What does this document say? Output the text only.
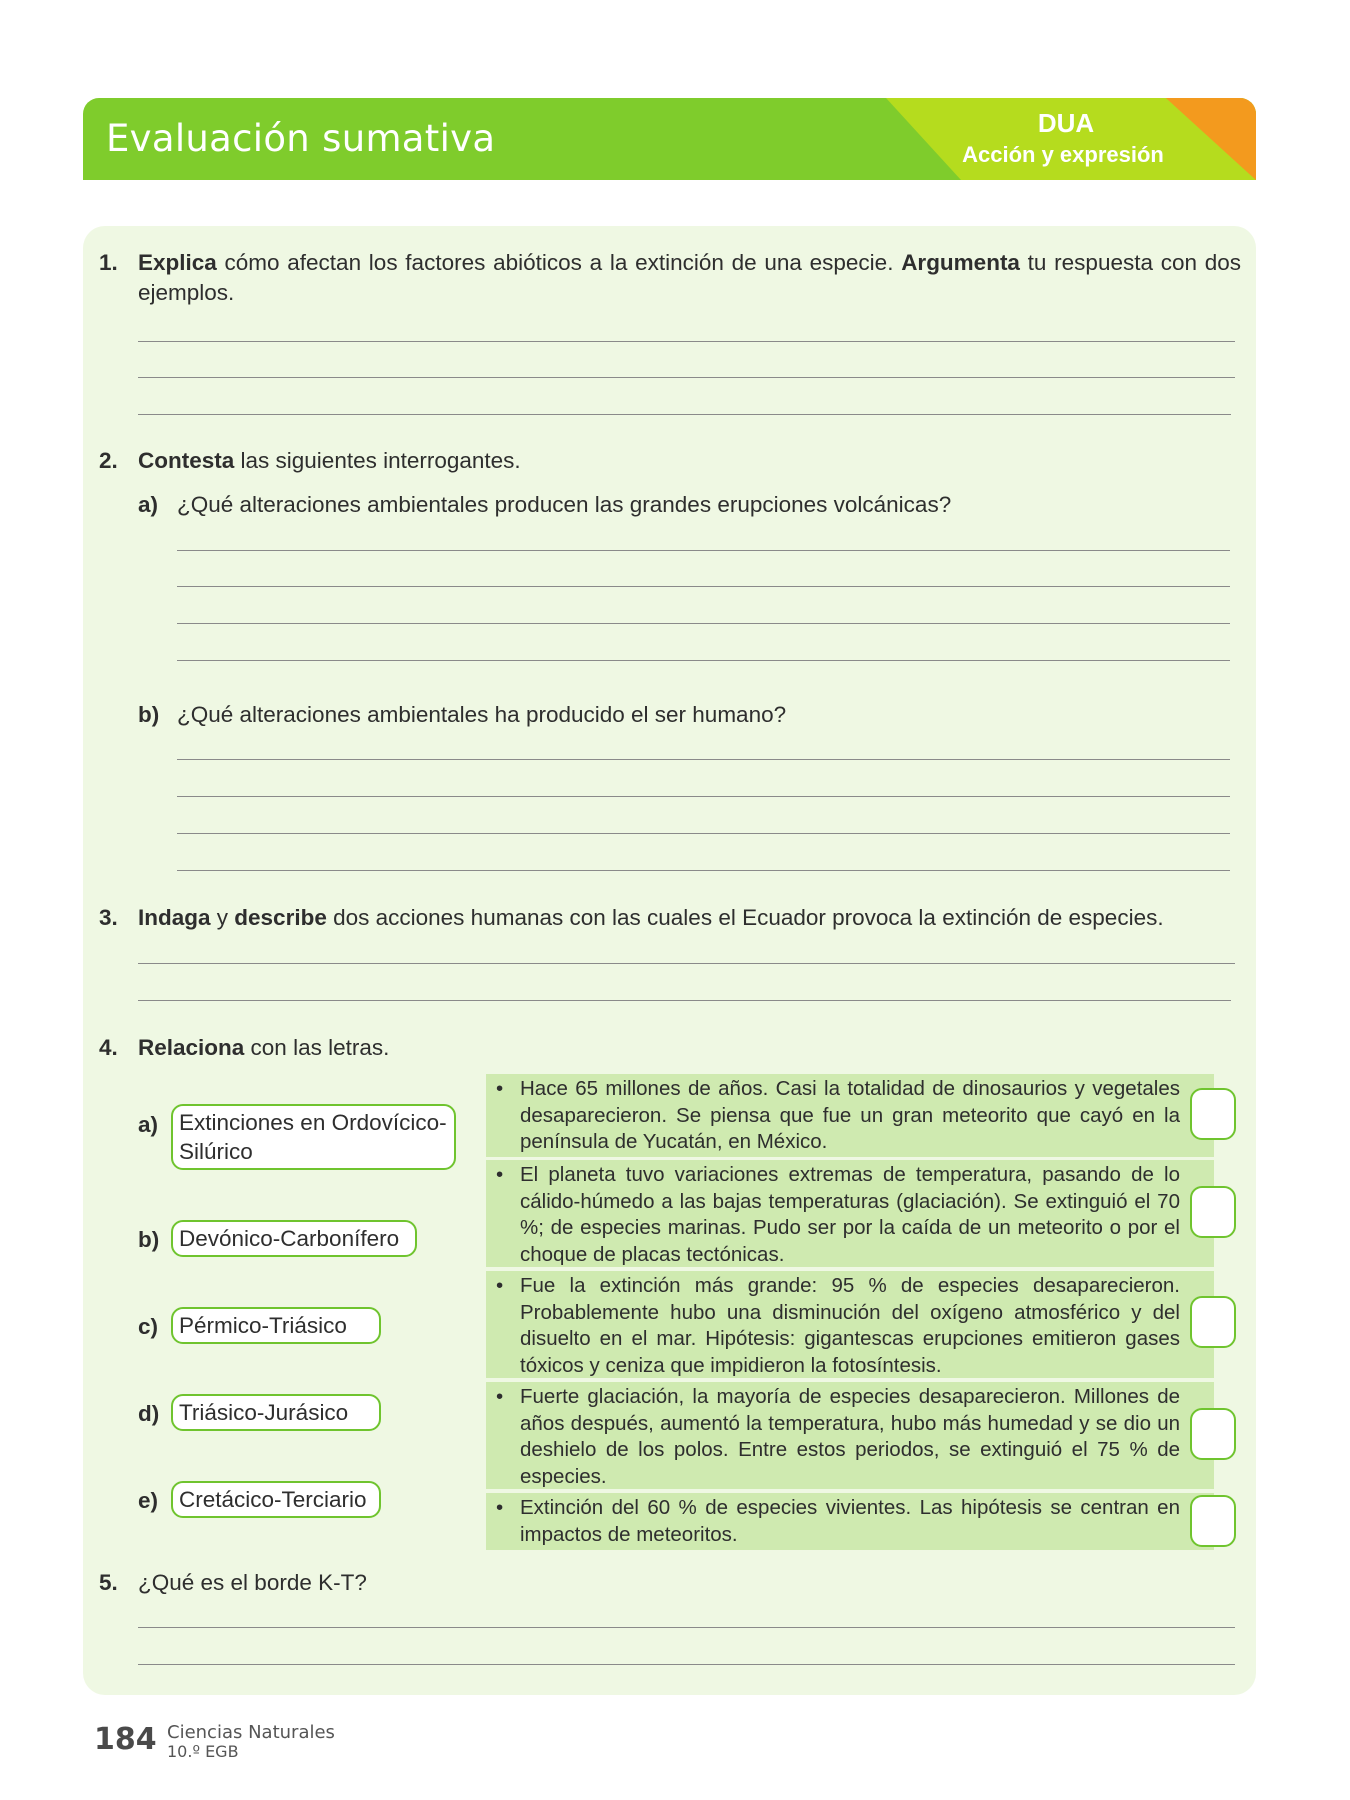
Evaluación sumativa	DUA
Acción y expresión
1. Explica cómo afectan los factores abióticos a la extinción de una especie. Argumenta tu respuesta con dos ejemplos.
2. Contesta las siguientes interrogantes.
a) ¿Qué alteraciones ambientales producen las grandes erupciones volcánicas?
b) ¿Qué alteraciones ambientales ha producido el ser humano?
3. Indaga y describe dos acciones humanas con las cuales el Ecuador provoca la extinción de especies.
4. Relaciona con las letras.
a) Extinciones en Ordovícico-Silúrico
b) Devónico-Carbonífero
c) Pérmico-Triásico
d) Triásico-Jurásico
e) Cretácico-Terciario
• Hace 65 millones de años. Casi la totalidad de dinosaurios y vegetales desaparecieron. Se piensa que fue un gran meteorito que cayó en la península de Yucatán, en México.
• El planeta tuvo variaciones extremas de temperatura, pasando de lo cálido-húmedo a las bajas temperaturas (glaciación). Se extinguió el 70 %; de especies marinas. Pudo ser por la caída de un meteorito o por el choque de placas tectónicas.
• Fue la extinción más grande: 95 % de especies desaparecieron. Probablemente hubo una disminución del oxígeno atmosférico y del disuelto en el mar. Hipótesis: gigantescas erupciones emitieron gases tóxicos y ceniza que impidieron la fotosíntesis.
• Fuerte glaciación, la mayoría de especies desaparecieron. Millones de años después, aumentó la temperatura, hubo más humedad y se dio un deshielo de los polos. Entre estos periodos, se extinguió el 75 % de especies.
• Extinción del 60 % de especies vivientes. Las hipótesis se centran en impactos de meteoritos.
5. ¿Qué es el borde K-T?
184 Ciencias Naturales
10.º EGB
